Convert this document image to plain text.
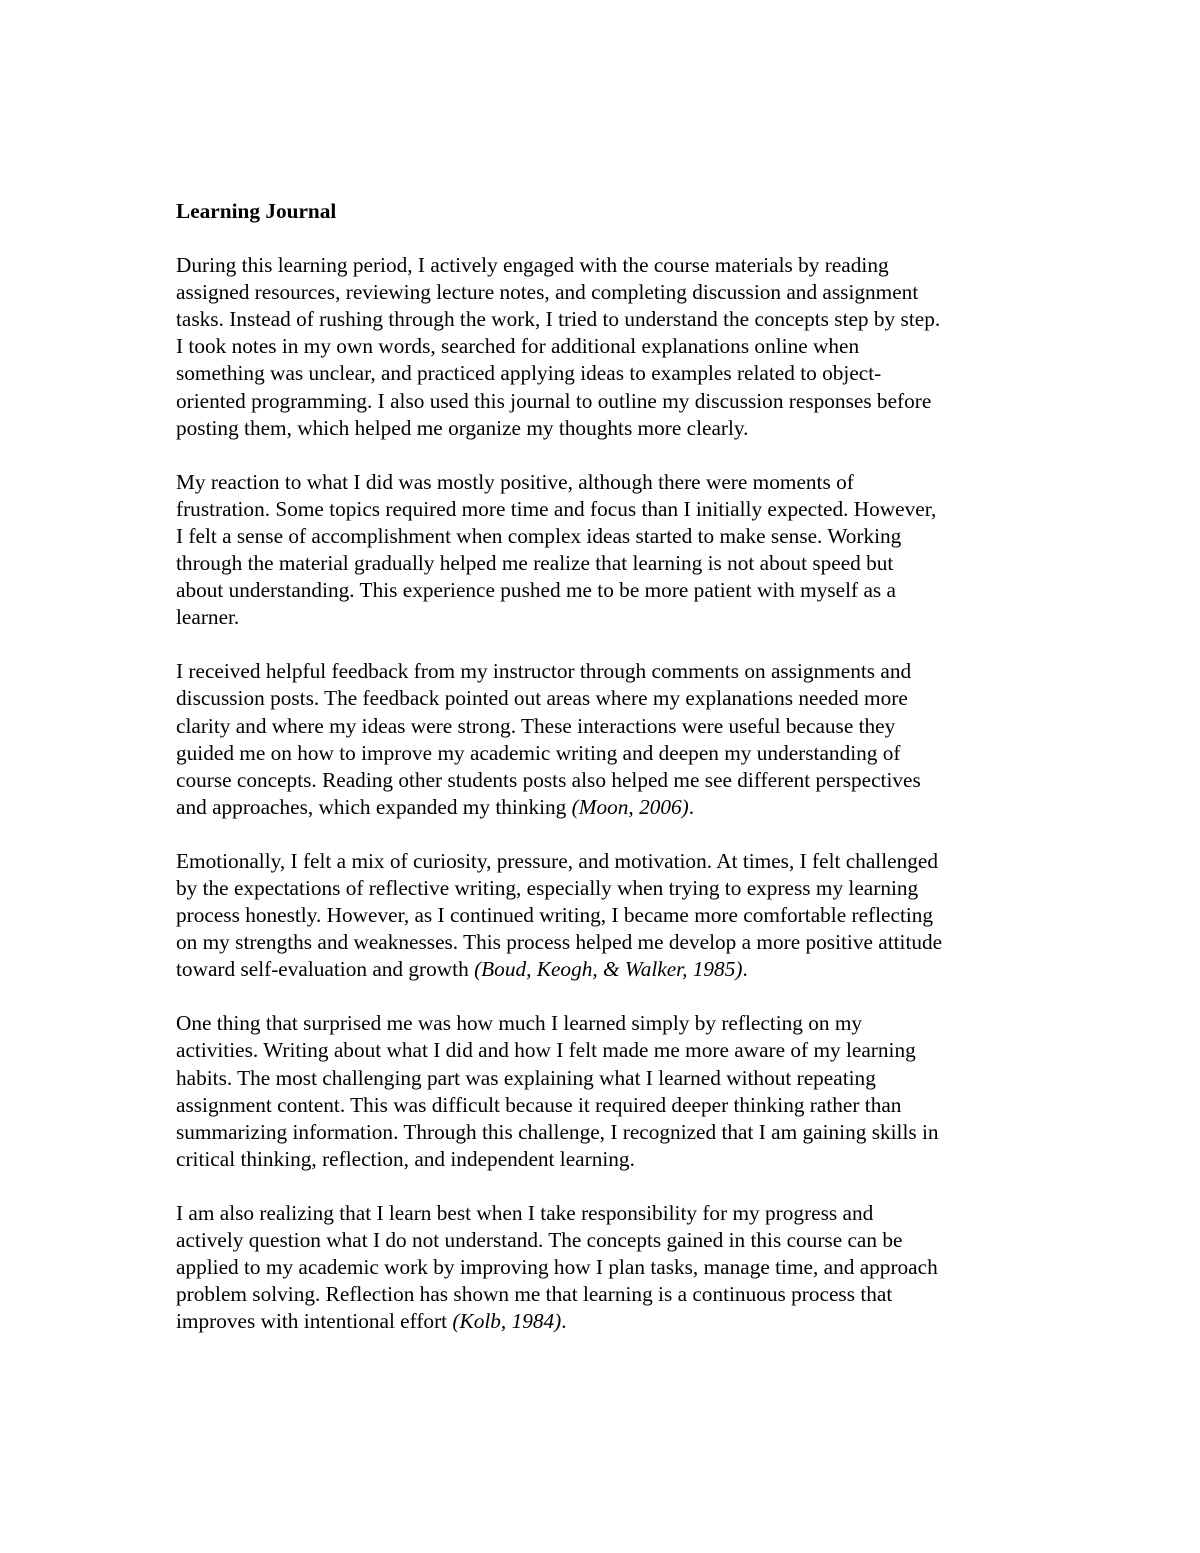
Learning Journal
During this learning period, I actively engaged with the course materials by reading
assigned resources, reviewing lecture notes, and completing discussion and assignment
tasks. Instead of rushing through the work, I tried to understand the concepts step by step.
I took notes in my own words, searched for additional explanations online when
something was unclear, and practiced applying ideas to examples related to object-
oriented programming. I also used this journal to outline my discussion responses before
posting them, which helped me organize my thoughts more clearly.
My reaction to what I did was mostly positive, although there were moments of
frustration. Some topics required more time and focus than I initially expected. However,
I felt a sense of accomplishment when complex ideas started to make sense. Working
through the material gradually helped me realize that learning is not about speed but
about understanding. This experience pushed me to be more patient with myself as a
learner.
I received helpful feedback from my instructor through comments on assignments and
discussion posts. The feedback pointed out areas where my explanations needed more
clarity and where my ideas were strong. These interactions were useful because they
guided me on how to improve my academic writing and deepen my understanding of
course concepts. Reading other students posts also helped me see different perspectives
and approaches, which expanded my thinking (Moon, 2006).
Emotionally, I felt a mix of curiosity, pressure, and motivation. At times, I felt challenged
by the expectations of reflective writing, especially when trying to express my learning
process honestly. However, as I continued writing, I became more comfortable reflecting
on my strengths and weaknesses. This process helped me develop a more positive attitude
toward self-evaluation and growth (Boud, Keogh, & Walker, 1985).
One thing that surprised me was how much I learned simply by reflecting on my
activities. Writing about what I did and how I felt made me more aware of my learning
habits. The most challenging part was explaining what I learned without repeating
assignment content. This was difficult because it required deeper thinking rather than
summarizing information. Through this challenge, I recognized that I am gaining skills in
critical thinking, reflection, and independent learning.
I am also realizing that I learn best when I take responsibility for my progress and
actively question what I do not understand. The concepts gained in this course can be
applied to my academic work by improving how I plan tasks, manage time, and approach
problem solving. Reflection has shown me that learning is a continuous process that
improves with intentional effort (Kolb, 1984).
